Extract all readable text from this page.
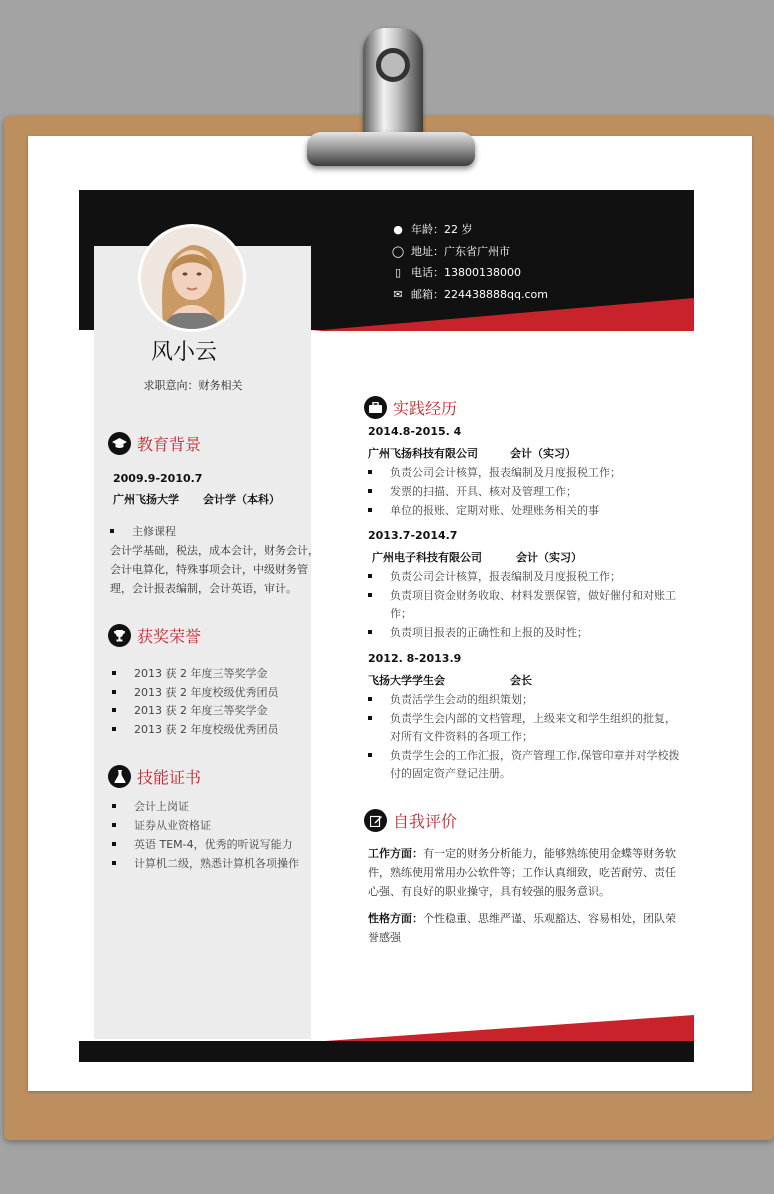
风小云
求职意向：财务相关
● 年龄：22 岁
◯ 地址：广东省广州市
▯ 电话：13800138000
✉ 邮箱：224438888qq.com
教育背景
2009.9-2010.7
广州飞扬大学 会计学（本科）
主修课程
会计学基础，税法，成本会计，财务会计，
会计电算化，特殊事项会计，中级财务管
理，会计报表编制，会计英语，审计。
获奖荣誉
2013 获 2 年度三等奖学金
2013 获 2 年度校级优秀团员
2013 获 2 年度三等奖学金
2013 获 2 年度校级优秀团员
技能证书
会计上岗证
证券从业资格证
英语 TEM-4，优秀的听说写能力
计算机二级，熟悉计算机各项操作
实践经历
2014.8-2015. 4
广州飞扬科技有限公司	会计（实习）
负责公司会计核算，报表编制及月度报税工作；
发票的扫描、开具、核对及管理工作；
单位的报账、定期对账、处理账务相关的事
2013.7-2014.7
广州电子科技有限公司	会计（实习）
负责公司会计核算，报表编制及月度报税工作；
负责项目资金财务收取、材料发票保管，做好催付和对账工
作；
负责项目报表的正确性和上报的及时性；
2012. 8-2013.9
飞扬大学学生会	会长
负责活学生会动的组织策划；
负责学生会内部的文档管理，上级来文和学生组织的批复，
对所有文件资料的各项工作；
负责学生会的工作汇报，资产管理工作,保管印章并对学校拨
付的固定资产登记注册。
自我评价
工作方面：有一定的财务分析能力，能够熟练使用金蝶等财务软
件，熟练使用常用办公软件等；工作认真细致，吃苦耐劳、责任
心强、有良好的职业操守，具有较强的服务意识。
性格方面：个性稳重、思维严谨、乐观豁达、容易相处，团队荣
誉感强
